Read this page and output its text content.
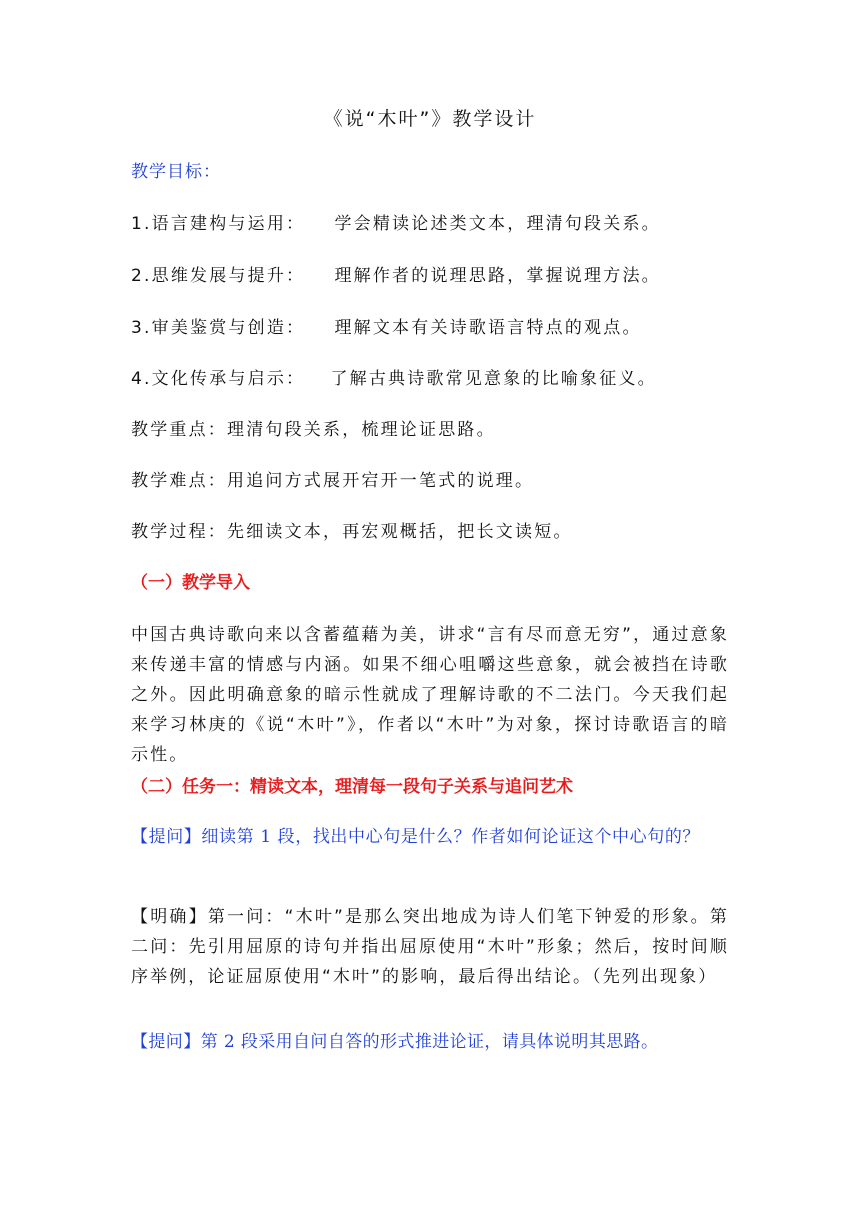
《说“木叶”》教学设计
教学目标：
1.语言建构与运用： 学会精读论述类文本，理清句段关系。
2.思维发展与提升： 理解作者的说理思路，掌握说理方法。
3.审美鉴赏与创造： 理解文本有关诗歌语言特点的观点。
4.文化传承与启示： 了解古典诗歌常见意象的比喻象征义。
教学重点：理清句段关系，梳理论证思路。
教学难点：用追问方式展开宕开一笔式的说理。
教学过程：先细读文本，再宏观概括，把长文读短。
（一）教学导入
中国古典诗歌向来以含蓄蕴藉为美，讲求“言有尽而意无穷”，通过意象来传递丰富的情感与内涵。如果不细心咀嚼这些意象，就会被挡在诗歌之外。因此明确意象的暗示性就成了理解诗歌的不二法门。今天我们起来学习林庚的《说“木叶”》，作者以“木叶”为对象，探讨诗歌语言的暗示性。
（二）任务一：精读文本，理清每一段句子关系与追问艺术
【提问】细读第 1 段，找出中心句是什么？作者如何论证这个中心句的？
【明确】第一问：“木叶”是那么突出地成为诗人们笔下钟爱的形象。第二问：先引用屈原的诗句并指出屈原使用“木叶”形象；然后，按时间顺序举例，论证屈原使用“木叶”的影响，最后得出结论。（先列出现象）
【提问】第 2 段采用自问自答的形式推进论证，请具体说明其思路。
